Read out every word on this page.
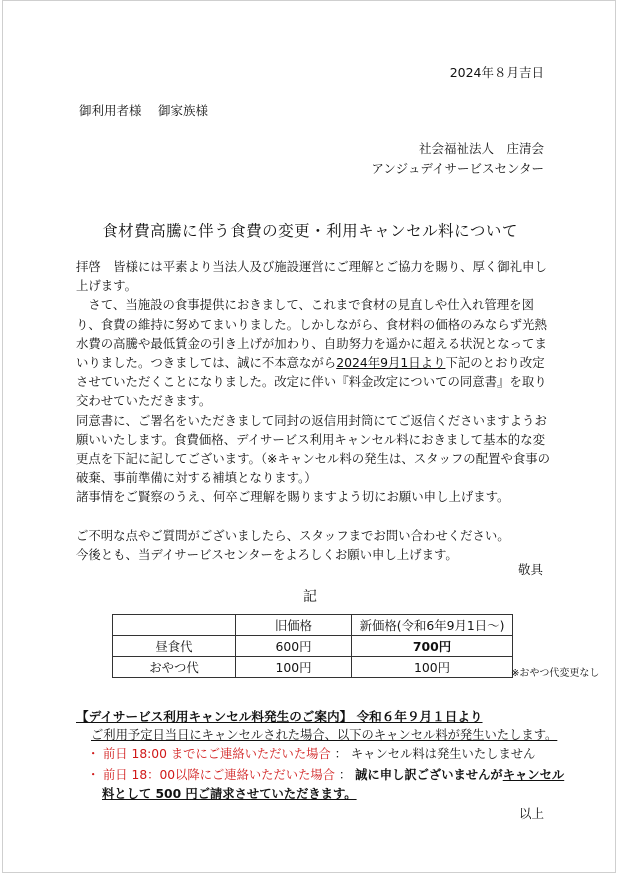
2024年８月吉日
御利用者様　 御家族様
社会福祉法人　庄清会
アンジュデイサービスセンター
食材費高騰に伴う食費の変更・利用キャンセル料について

拝啓　皆様には平素より当法人及び施設運営にご理解とご協力を賜り、厚く御礼申し上げます。

さて、当施設の食事提供におきまして、これまで食材の見直しや仕入れ管理を図り、食費の維持に努めてまいりました。しかしながら、食材料の価格のみならず光熱水費の高騰や最低賃金の引き上げが加わり、自助努力を遥かに超える状況となってまいりました。つきましては、誠に不本意ながら2024年9月1日より下記のとおり改定させていただくことになりました。改定に伴い『料金改定についての同意書』を取り交わせていただきます。

同意書に、ご署名をいただきまして同封の返信用封筒にてご返信くださいますようお願いいたします。食費価格、デイサービス利用キャンセル料におきまして基本的な変更点を下記に記してございます。（※キャンセル料の発生は、スタッフの配置や食事の破棄、事前準備に対する補填となります。）

諸事情をご賢察のうえ、何卒ご理解を賜りますよう切にお願い申し上げます。

ご不明な点やご質問がございましたら、スタッフまでお問い合わせください。

今後とも、当デイサービスセンターをよろしくお願い申し上げます。

敬具
記
	旧価格	新価格(令和6年9月1日～)
昼食代	600円	700円
おやつ代	100円	100円	※おやつ代変更なし
【デイサービス利用キャンセル料発生のご案内】 令和６年９月１日より
ご利用予定日当日にキャンセルされた場合、以下のキャンセル料が発生いたします。
・ 前日 18:00 までにご連絡いただいた場合 ： キャンセル料は発生いたしません
・ 前日 18：00以降にご連絡いただいた場合 ： 誠に申し訳ございませんがキャンセル
料として 500 円ご請求させていただきます。
以上
